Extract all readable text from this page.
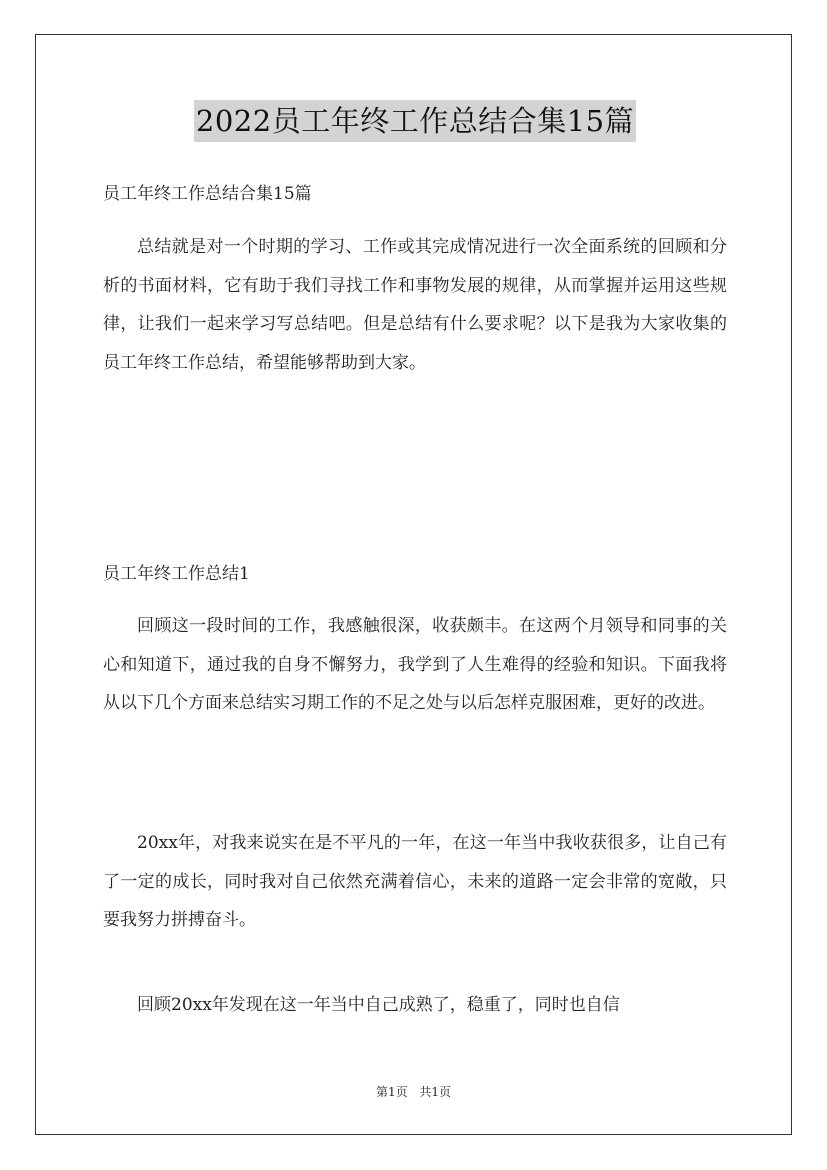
2022员工年终工作总结合集15篇
员工年终工作总结合集15篇

总结就是对一个时期的学习、工作或其完成情况进行一次全面系统的回顾和分析的书面材料，它有助于我们寻找工作和事物发展的规律，从而掌握并运用这些规律，让我们一起来学习写总结吧。但是总结有什么要求呢？以下是我为大家收集的员工年终工作总结，希望能够帮助到大家。

员工年终工作总结1

回顾这一段时间的工作，我感触很深，收获颇丰。在这两个月领导和同事的关心和知道下，通过我的自身不懈努力，我学到了人生难得的经验和知识。下面我将从以下几个方面来总结实习期工作的不足之处与以后怎样克服困难，更好的改进。

20xx年，对我来说实在是不平凡的一年，在这一年当中我收获很多，让自己有了一定的成长，同时我对自己依然充满着信心，未来的道路一定会非常的宽敞，只要我努力拼搏奋斗。

回顾20xx年发现在这一年当中自己成熟了，稳重了，同时也自信

第1页 共1页
